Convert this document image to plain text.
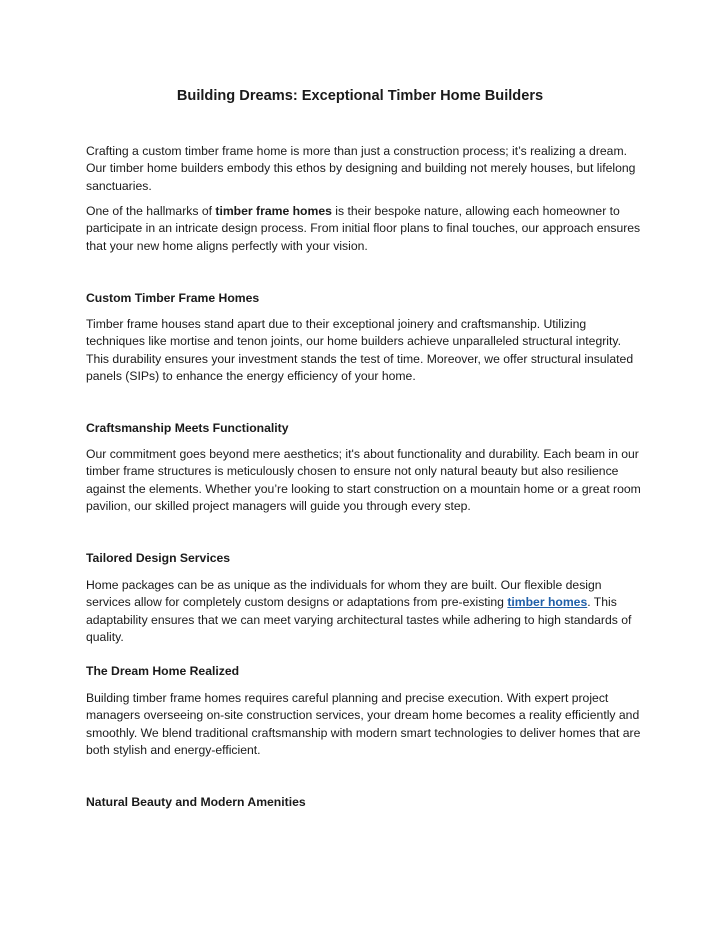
Building Dreams: Exceptional Timber Home Builders

Crafting a custom timber frame home is more than just a construction process; it’s realizing a dream. Our timber home builders embody this ethos by designing and building not merely houses, but lifelong sanctuaries.

One of the hallmarks of timber frame homes is their bespoke nature, allowing each homeowner to participate in an intricate design process. From initial floor plans to final touches, our approach ensures that your new home aligns perfectly with your vision.

Custom Timber Frame Homes

Timber frame houses stand apart due to their exceptional joinery and craftsmanship. Utilizing techniques like mortise and tenon joints, our home builders achieve unparalleled structural integrity. This durability ensures your investment stands the test of time. Moreover, we offer structural insulated panels (SIPs) to enhance the energy efficiency of your home.

Craftsmanship Meets Functionality

Our commitment goes beyond mere aesthetics; it's about functionality and durability. Each beam in our timber frame structures is meticulously chosen to ensure not only natural beauty but also resilience against the elements. Whether you’re looking to start construction on a mountain home or a great room pavilion, our skilled project managers will guide you through every step.

Tailored Design Services

Home packages can be as unique as the individuals for whom they are built. Our flexible design services allow for completely custom designs or adaptations from pre-existing timber homes. This adaptability ensures that we can meet varying architectural tastes while adhering to high standards of quality.

The Dream Home Realized

Building timber frame homes requires careful planning and precise execution. With expert project managers overseeing on-site construction services, your dream home becomes a reality efficiently and smoothly. We blend traditional craftsmanship with modern smart technologies to deliver homes that are both stylish and energy-efficient.

Natural Beauty and Modern Amenities
